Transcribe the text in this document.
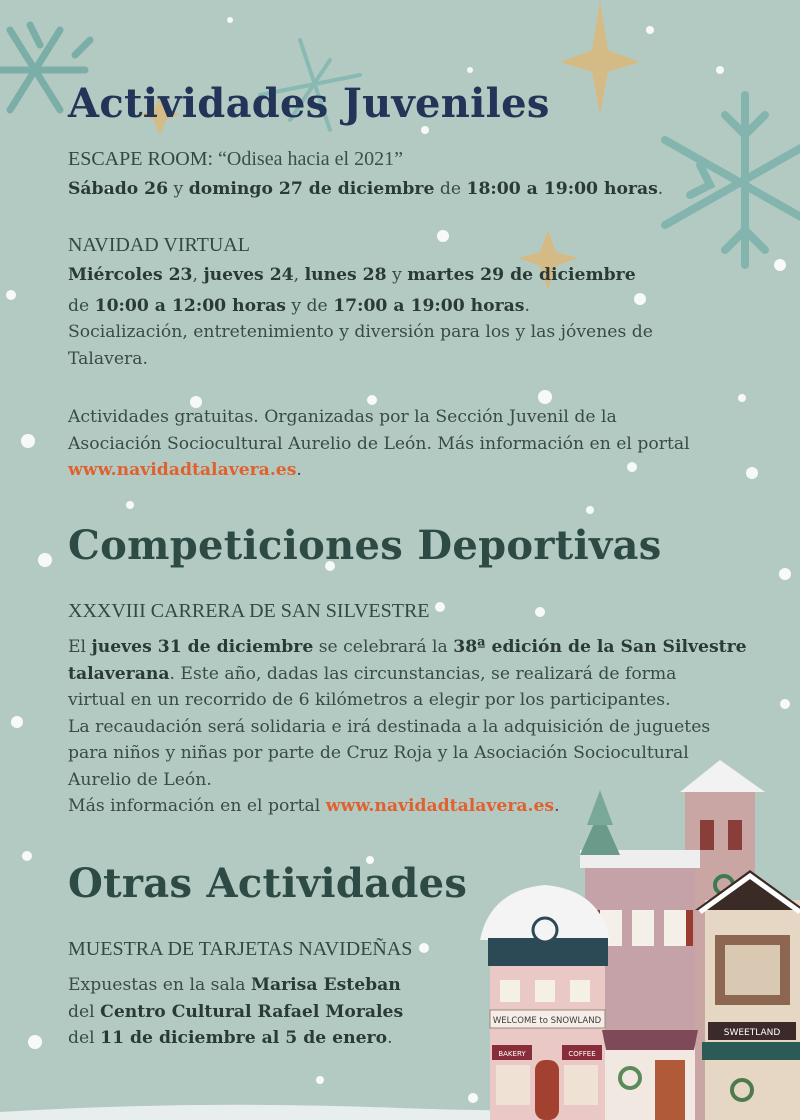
SWEETLAND
WELCOME to SNOWLAND
BAKERY	COFFEE
Actividades Juveniles
ESCAPE ROOM: “Odisea hacia el 2021”
Sábado 26 y domingo 27 de diciembre de 18:00 a 19:00 horas.
NAVIDAD VIRTUAL
Miércoles 23, jueves 24, lunes 28 y martes 29 de diciembre
de 10:00 a 12:00 horas y de 17:00 a 19:00 horas.
Socialización, entretenimiento y diversión para los y las jóvenes de
Talavera.
Actividades gratuitas. Organizadas por la Sección Juvenil de la
Asociación Sociocultural Aurelio de León. Más información en el portal
www.navidadtalavera.es.
Competiciones Deportivas
XXXVIII CARRERA DE SAN SILVESTRE
El jueves 31 de diciembre se celebrará la 38ª edición de la San Silvestre
talaverana. Este año, dadas las circunstancias, se realizará de forma
virtual en un recorrido de 6 kilómetros a elegir por los participantes.
La recaudación será solidaria e irá destinada a la adquisición de juguetes
para niños y niñas por parte de Cruz Roja y la Asociación Sociocultural
Aurelio de León.
Más información en el portal www.navidadtalavera.es.
Otras Actividades
MUESTRA DE TARJETAS NAVIDEÑAS
Expuestas en la sala Marisa Esteban
del Centro Cultural Rafael Morales
del 11 de diciembre al 5 de enero.
